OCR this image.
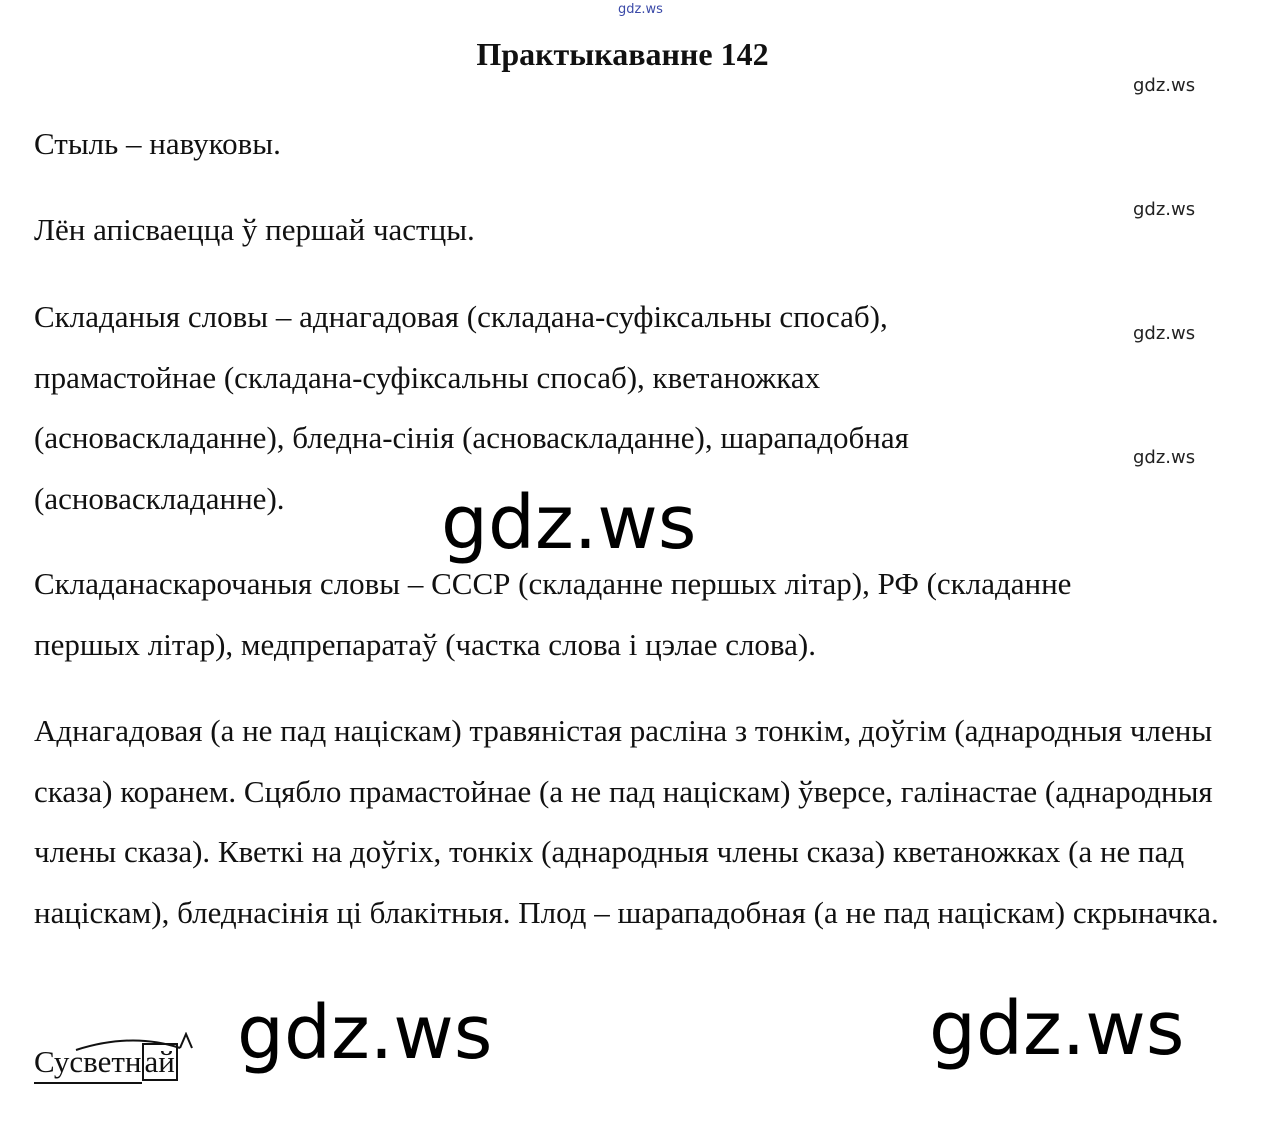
gdz.ws
Практыкаванне 142
gdz.ws
gdz.ws
gdz.ws
gdz.ws

Стыль – навуковы.

Лён апісваецца ў першай частцы.

Складаныя словы – аднагадовая (складана-суфіксальны спосаб), прамастойнае (складана-суфіксальны спосаб), кветаножках (асноваскладанне), бледна-сінія (асноваскладанне), шарападобная (асноваскладанне).

Складанаскарочаныя словы – СССР (складанне першых літар), РФ (складанне першых літар), медпрепаратаў (частка слова і цэлае слова).

Аднагадовая (а не пад націскам) травяністая расліна з тонкім, доўгім (аднародныя члены сказа) коранем. Сцябло прамастойнае (а не пад націскам) ўверсе, галінастае (аднародныя члены сказа). Кветкі на доўгіх, тонкіх (аднародныя члены сказа) кветаножках (а не пад націскам), бледнасінія ці блакітныя. Плод – шарападобная (а не пад націскам) скрыначка.

gdz.ws
gdz.ws	gdz.ws
Сусветнай
